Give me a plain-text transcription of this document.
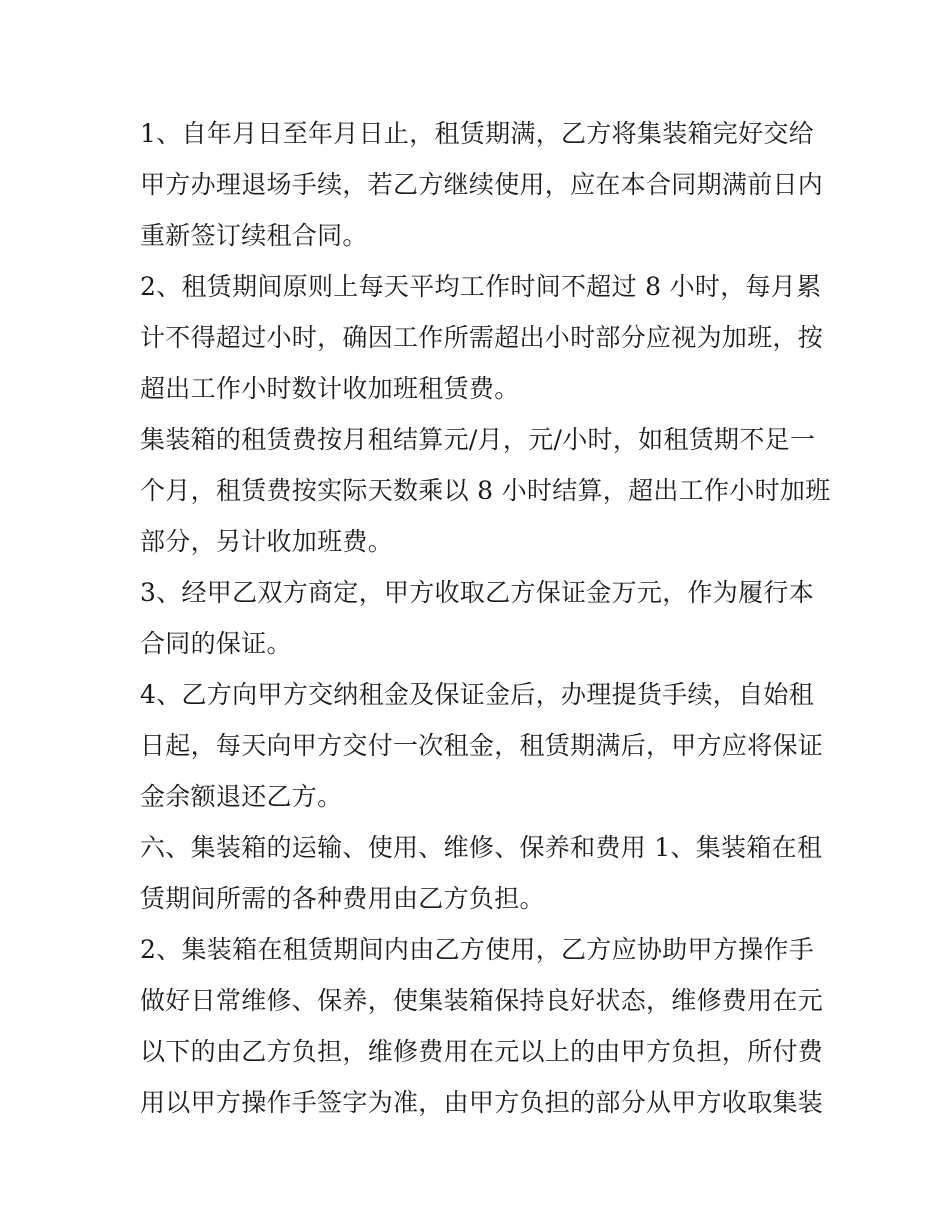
1、自年月日至年月日止，租赁期满，乙方将集装箱完好交给
甲方办理退场手续，若乙方继续使用，应在本合同期满前日内
重新签订续租合同。
2、租赁期间原则上每天平均工作时间不超过 8 小时，每月累
计不得超过小时，确因工作所需超出小时部分应视为加班，按
超出工作小时数计收加班租赁费。
集装箱的租赁费按月租结算元/月，元/小时，如租赁期不足一
个月，租赁费按实际天数乘以 8 小时结算，超出工作小时加班
部分，另计收加班费。
3、经甲乙双方商定，甲方收取乙方保证金万元，作为履行本
合同的保证。
4、乙方向甲方交纳租金及保证金后，办理提货手续，自始租
日起，每天向甲方交付一次租金，租赁期满后，甲方应将保证
金余额退还乙方。
六、集装箱的运输、使用、维修、保养和费用 1、集装箱在租
赁期间所需的各种费用由乙方负担。
2、集装箱在租赁期间内由乙方使用，乙方应协助甲方操作手
做好日常维修、保养，使集装箱保持良好状态，维修费用在元
以下的由乙方负担，维修费用在元以上的由甲方负担，所付费
用以甲方操作手签字为准，由甲方负担的部分从甲方收取集装
